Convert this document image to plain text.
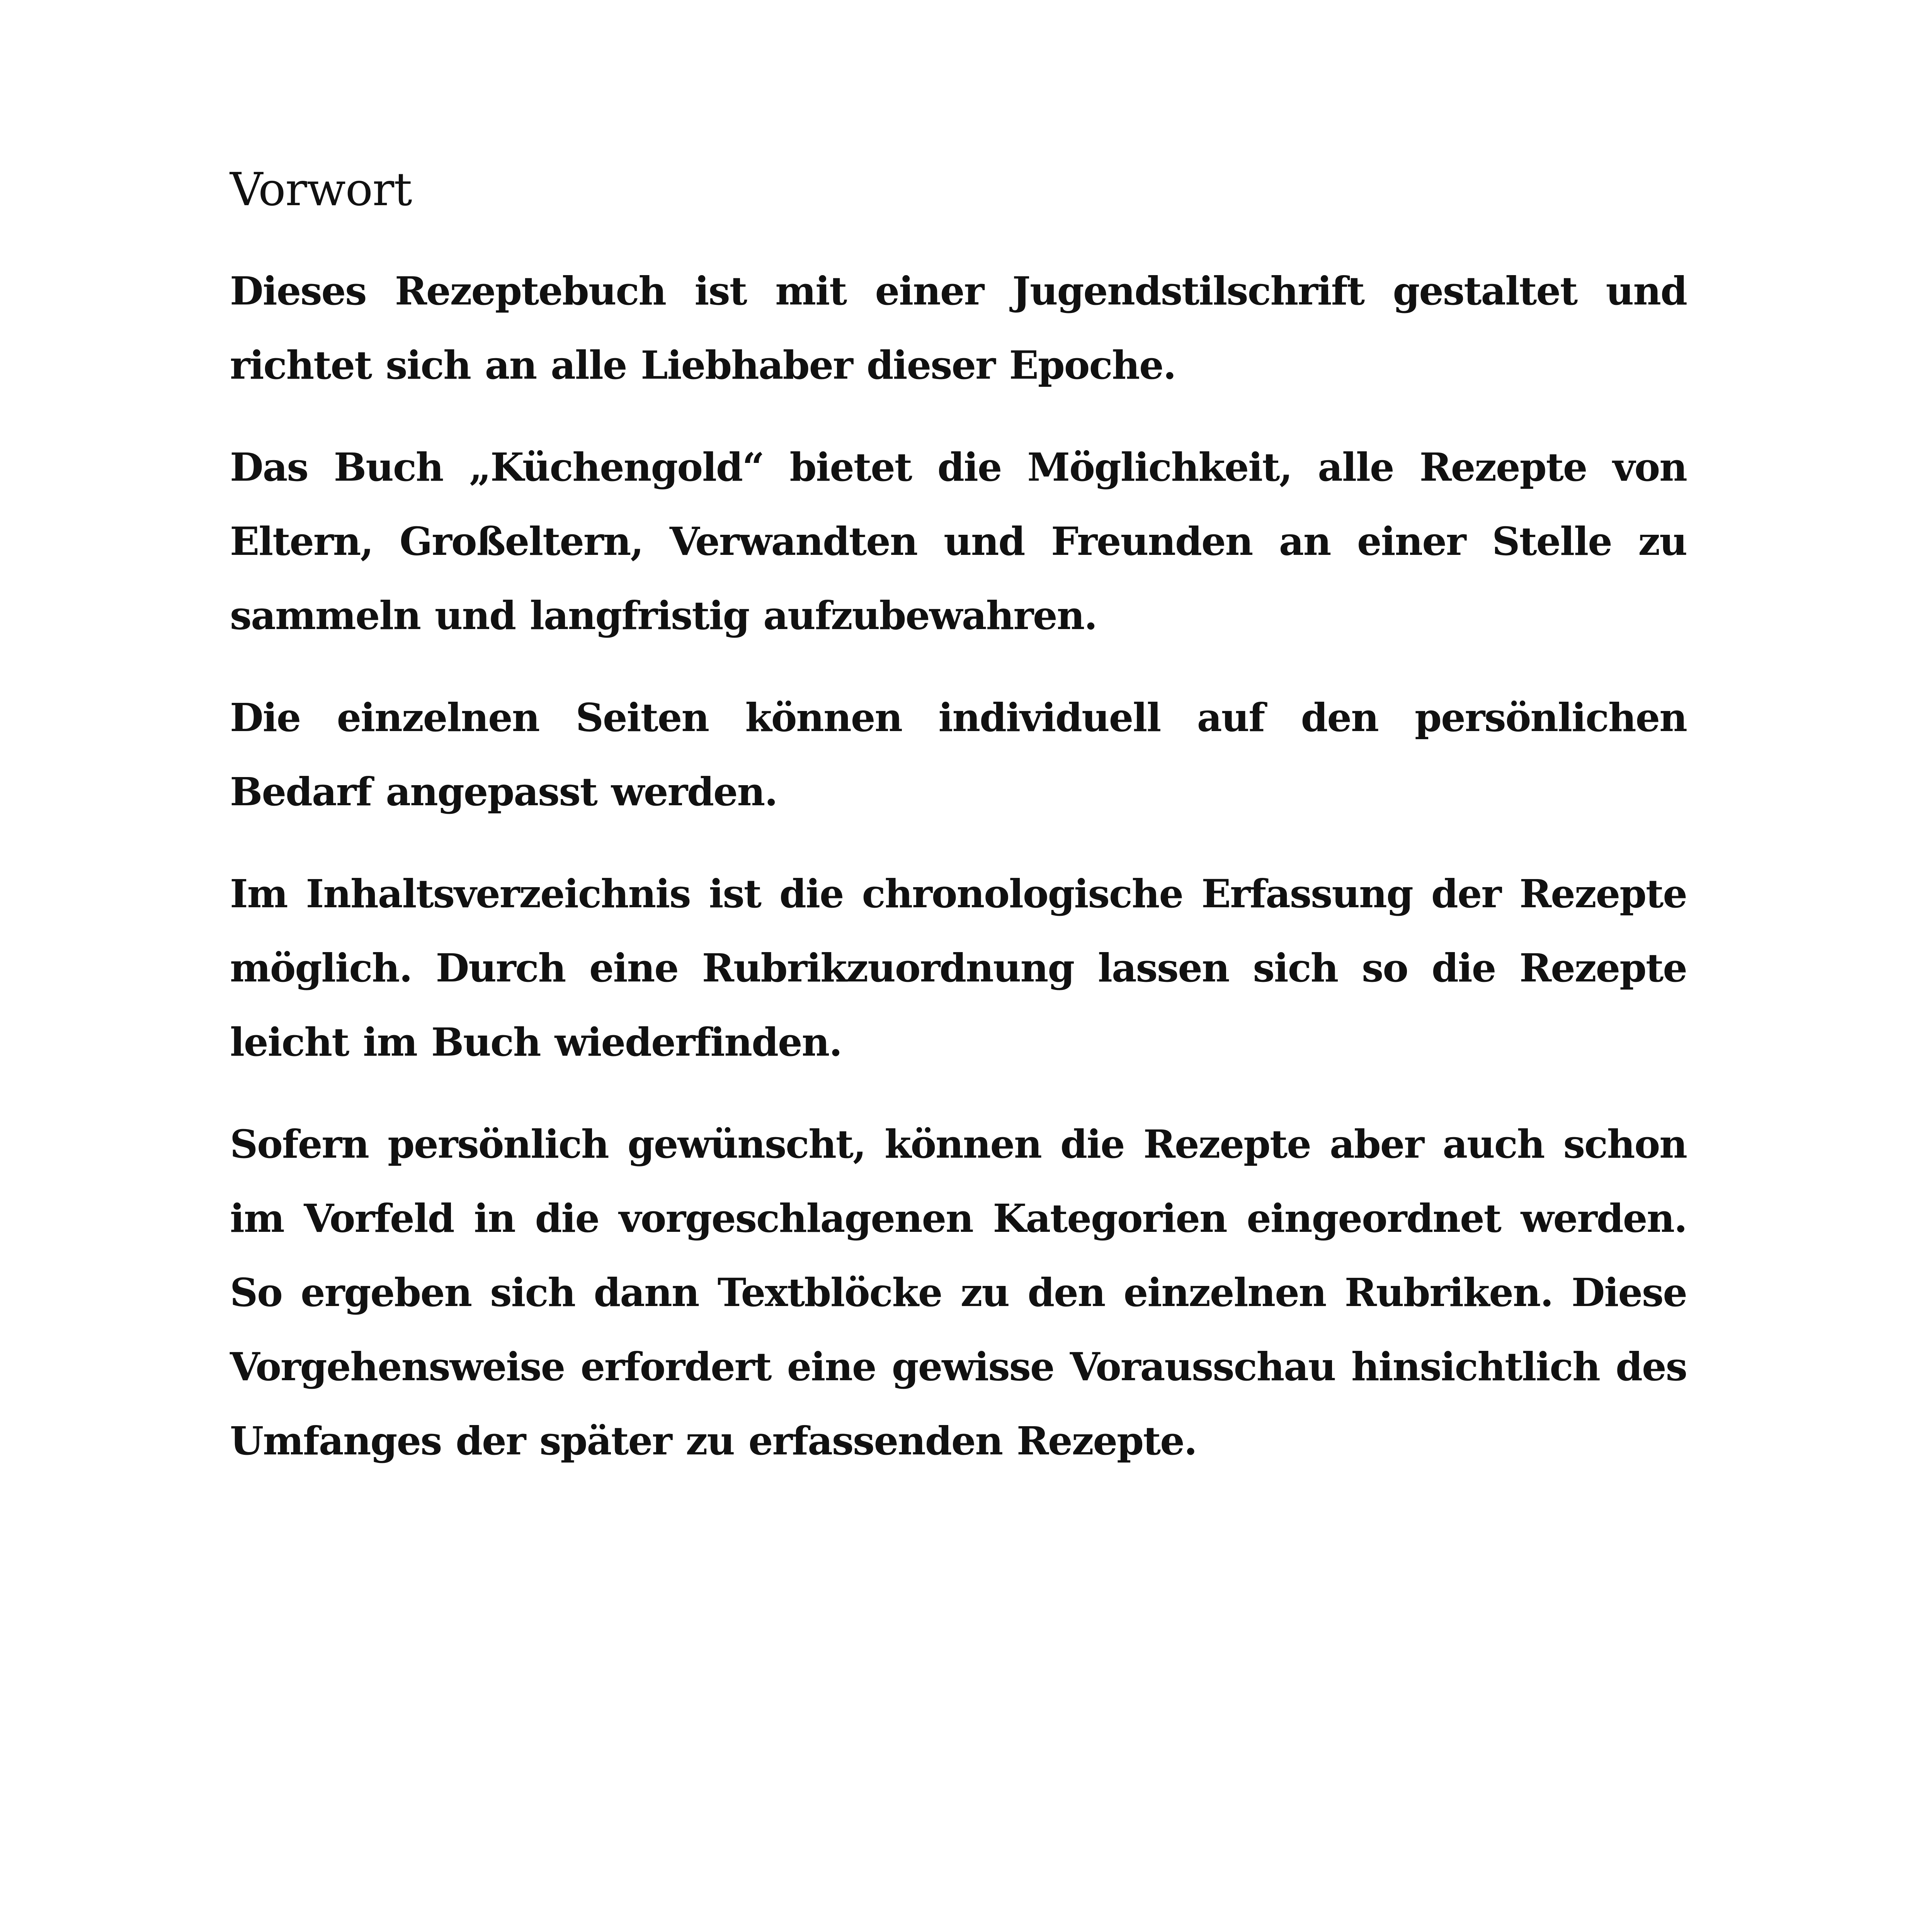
Vorwort

Dieses Rezeptebuch ist mit einer Jugendstilschrift gestaltet und richtet sich an alle Liebhaber dieser Epoche.

Das Buch „Küchengold“ bietet die Möglichkeit, alle Rezepte von Eltern, Großeltern, Verwandten und Freunden an einer Stelle zu sammeln und langfristig aufzubewahren.

Die einzelnen Seiten können individuell auf den persönlichen Bedarf angepasst werden.

Im Inhaltsverzeichnis ist die chronologische Erfassung der Rezepte möglich. Durch eine Rubrikzuordnung lassen sich so die Rezepte leicht im Buch wiederfinden.

Sofern persönlich gewünscht, können die Rezepte aber auch schon im Vorfeld in die vorgeschlagenen Kategorien eingeordnet werden. So ergeben sich dann Textblöcke zu den einzelnen Rubriken. Diese Vorgehensweise erfordert eine gewisse Vorausschau hinsichtlich des Umfanges der später zu erfassenden Rezepte.
